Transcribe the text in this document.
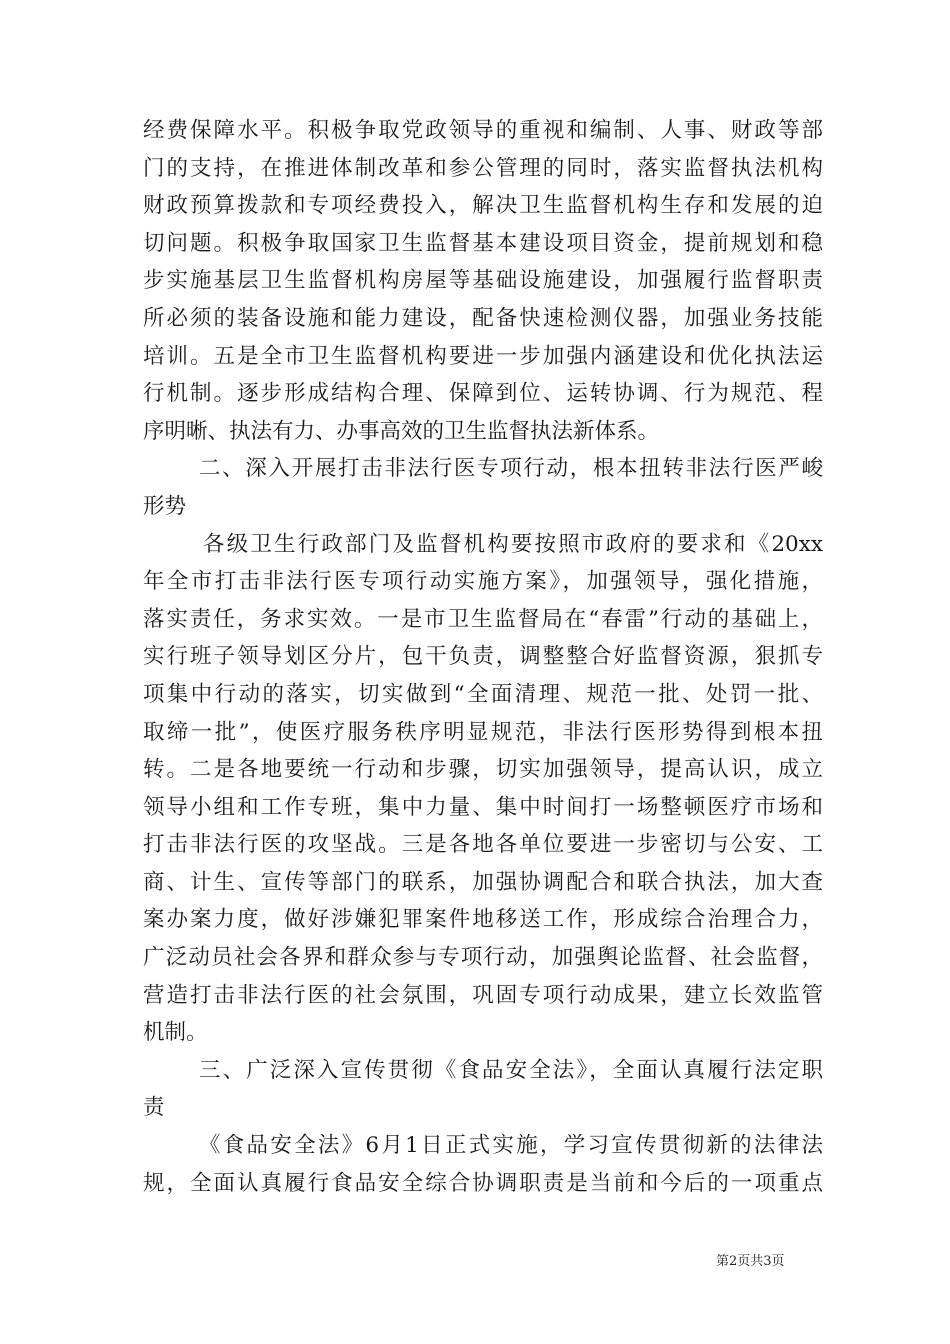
经费保障水平。积极争取党政领导的重视和编制、人事、财政等部
门的支持，在推进体制改革和参公管理的同时，落实监督执法机构
财政预算拨款和专项经费投入，解决卫生监督机构生存和发展的迫
切问题。积极争取国家卫生监督基本建设项目资金，提前规划和稳
步实施基层卫生监督机构房屋等基础设施建设，加强履行监督职责
所必须的装备设施和能力建设，配备快速检测仪器，加强业务技能
培训。五是全市卫生监督机构要进一步加强内涵建设和优化执法运
行机制。逐步形成结构合理、保障到位、运转协调、行为规范、程
序明晰、执法有力、办事高效的卫生监督执法新体系。
二、深入开展打击非法行医专项行动，根本扭转非法行医严峻
形势
各级卫生行政部门及监督机构要按照市政府的要求和《20xx
年全市打击非法行医专项行动实施方案》，加强领导，强化措施，
落实责任，务求实效。一是市卫生监督局在“春雷”行动的基础上，
实行班子领导划区分片，包干负责，调整整合好监督资源，狠抓专
项集中行动的落实，切实做到“全面清理、规范一批、处罚一批、
取缔一批”，使医疗服务秩序明显规范，非法行医形势得到根本扭
转。二是各地要统一行动和步骤，切实加强领导，提高认识，成立
领导小组和工作专班，集中力量、集中时间打一场整顿医疗市场和
打击非法行医的攻坚战。三是各地各单位要进一步密切与公安、工
商、计生、宣传等部门的联系，加强协调配合和联合执法，加大查
案办案力度，做好涉嫌犯罪案件地移送工作，形成综合治理合力，
广泛动员社会各界和群众参与专项行动，加强舆论监督、社会监督，
营造打击非法行医的社会氛围，巩固专项行动成果，建立长效监管
机制。
三、广泛深入宣传贯彻《食品安全法》，全面认真履行法定职
责
《食品安全法》6月1日正式实施，学习宣传贯彻新的法律法
规，全面认真履行食品安全综合协调职责是当前和今后的一项重点
第2页共3页
